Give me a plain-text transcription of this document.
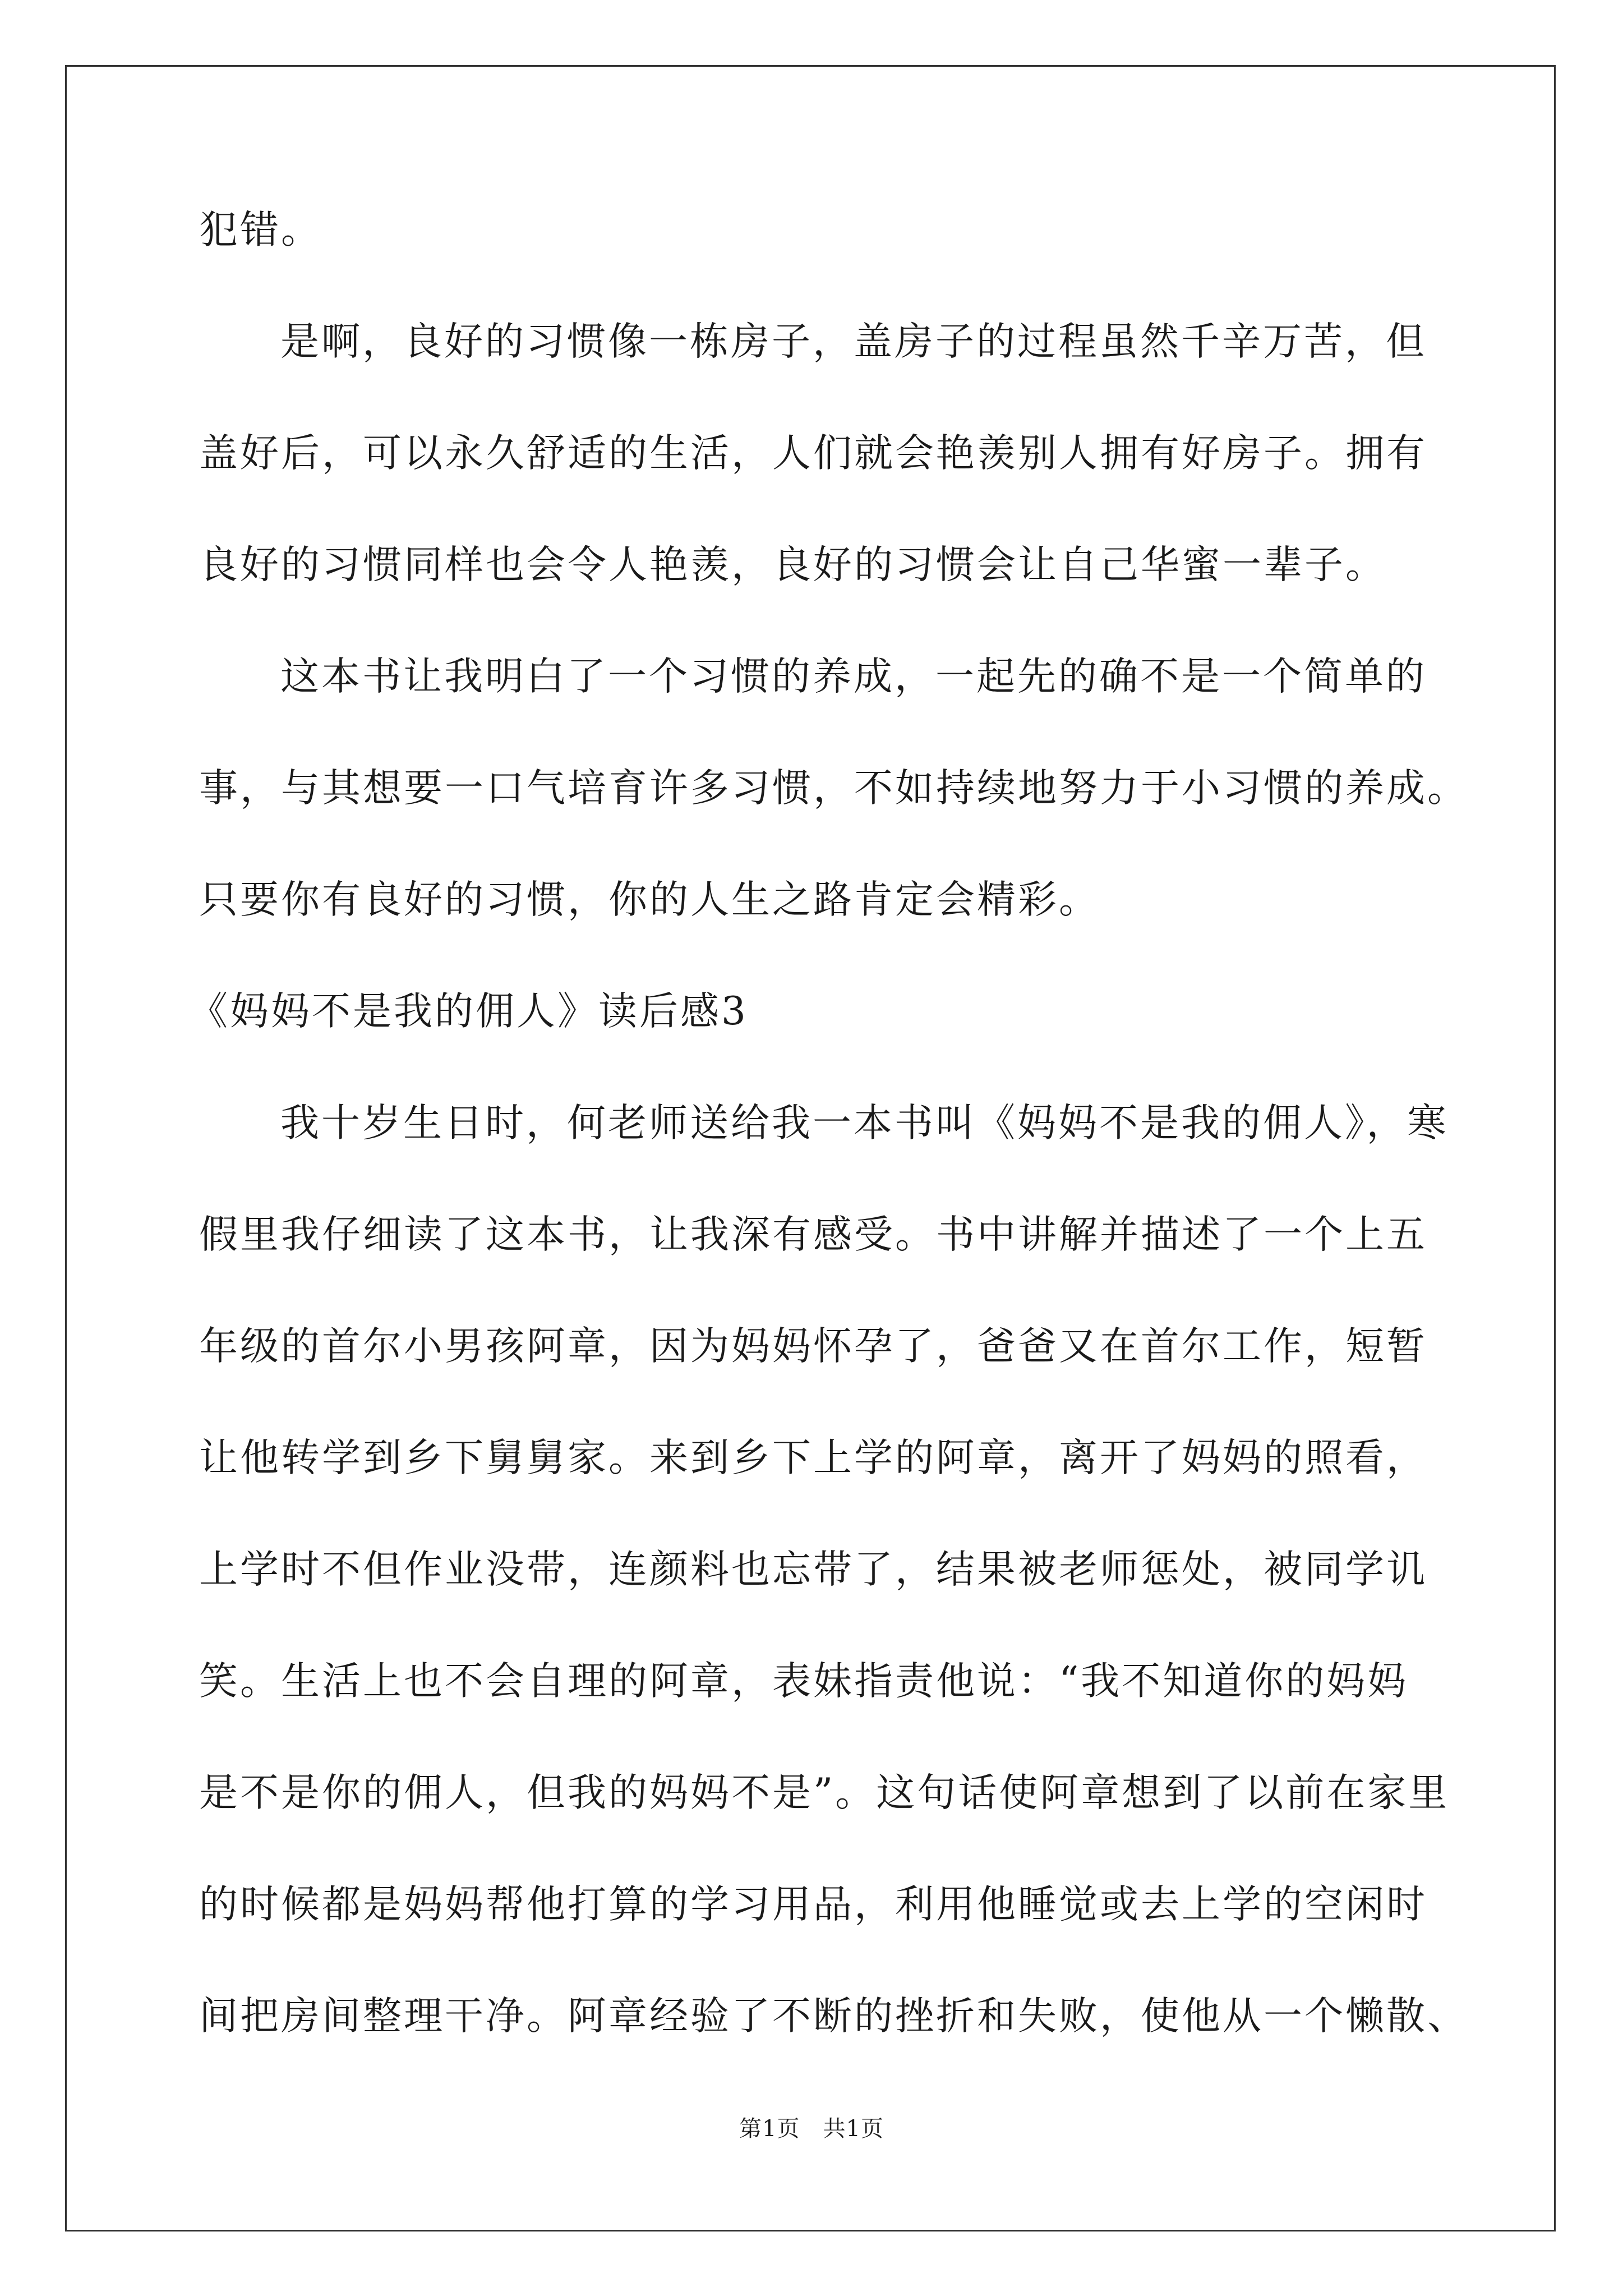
犯错。
是啊，良好的习惯像一栋房子，盖房子的过程虽然千辛万苦，但
盖好后，可以永久舒适的生活，人们就会艳羡别人拥有好房子。拥有
良好的习惯同样也会令人艳羡，良好的习惯会让自己华蜜一辈子。
这本书让我明白了一个习惯的养成，一起先的确不是一个简单的
事，与其想要一口气培育许多习惯，不如持续地努力于小习惯的养成。
只要你有良好的习惯，你的人生之路肯定会精彩。
《妈妈不是我的佣人》读后感3
我十岁生日时，何老师送给我一本书叫《妈妈不是我的佣人》，寒
假里我仔细读了这本书，让我深有感受。书中讲解并描述了一个上五
年级的首尔小男孩阿章，因为妈妈怀孕了，爸爸又在首尔工作，短暂
让他转学到乡下舅舅家。来到乡下上学的阿章，离开了妈妈的照看，
上学时不但作业没带，连颜料也忘带了，结果被老师惩处，被同学讥
笑。生活上也不会自理的阿章，表妹指责他说：“我不知道你的妈妈
是不是你的佣人，但我的妈妈不是”。这句话使阿章想到了以前在家里
的时候都是妈妈帮他打算的学习用品，利用他睡觉或去上学的空闲时
间把房间整理干净。阿章经验了不断的挫折和失败，使他从一个懒散、
第1页　共1页
